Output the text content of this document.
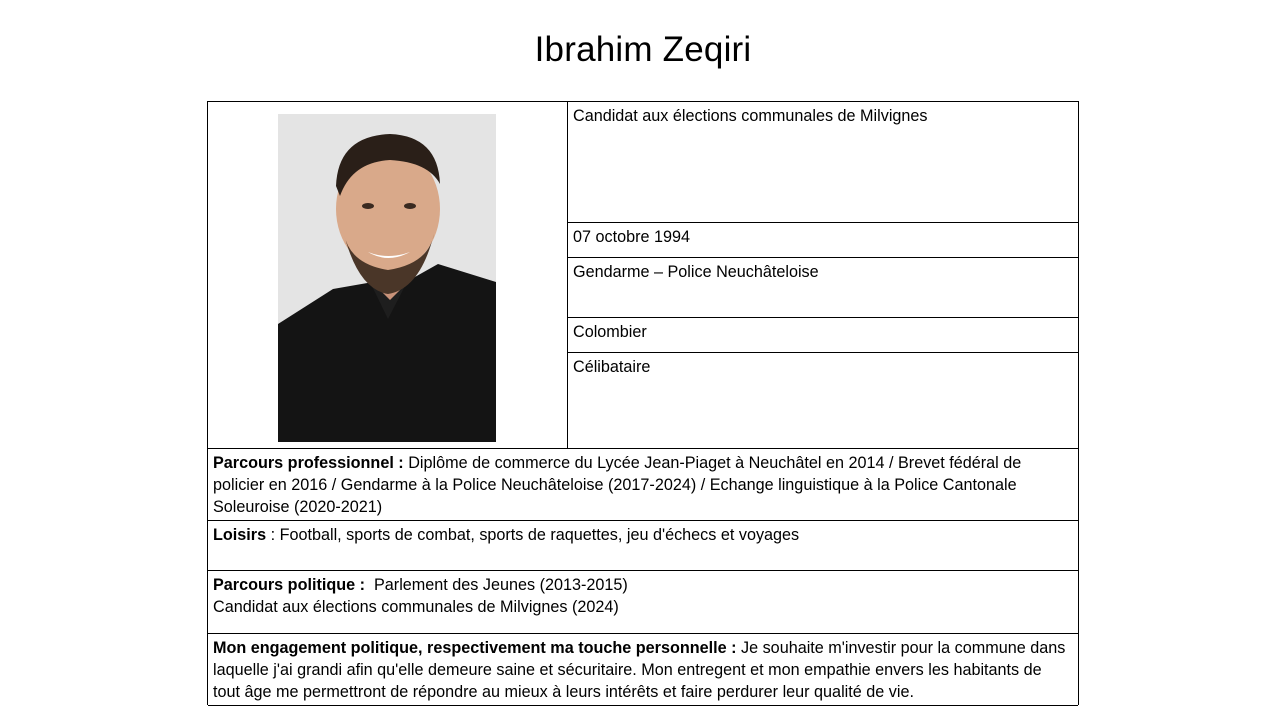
Ibrahim Zeqiri
Candidat aux élections communales de Milvignes
07 octobre 1994
Gendarme – Police Neuchâteloise
Colombier
Célibataire
Parcours professionnel : Diplôme de commerce du Lycée Jean-Piaget à Neuchâtel en 2014 / Brevet fédéral de policier en 2016 / Gendarme à la Police Neuchâteloise (2017-2024) / Echange linguistique à la Police Cantonale Soleuroise (2020-2021)
Loisirs : Football, sports de combat, sports de raquettes, jeu d'échecs et voyages
Parcours politique :  Parlement des Jeunes (2013-2015)
Candidat aux élections communales de Milvignes (2024)
Mon engagement politique, respectivement ma touche personnelle : Je souhaite m'investir pour la commune dans laquelle j'ai grandi afin qu'elle demeure saine et sécuritaire. Mon entregent et mon empathie envers les habitants de tout âge me permettront de répondre au mieux à leurs intérêts et faire perdurer leur qualité de vie.
